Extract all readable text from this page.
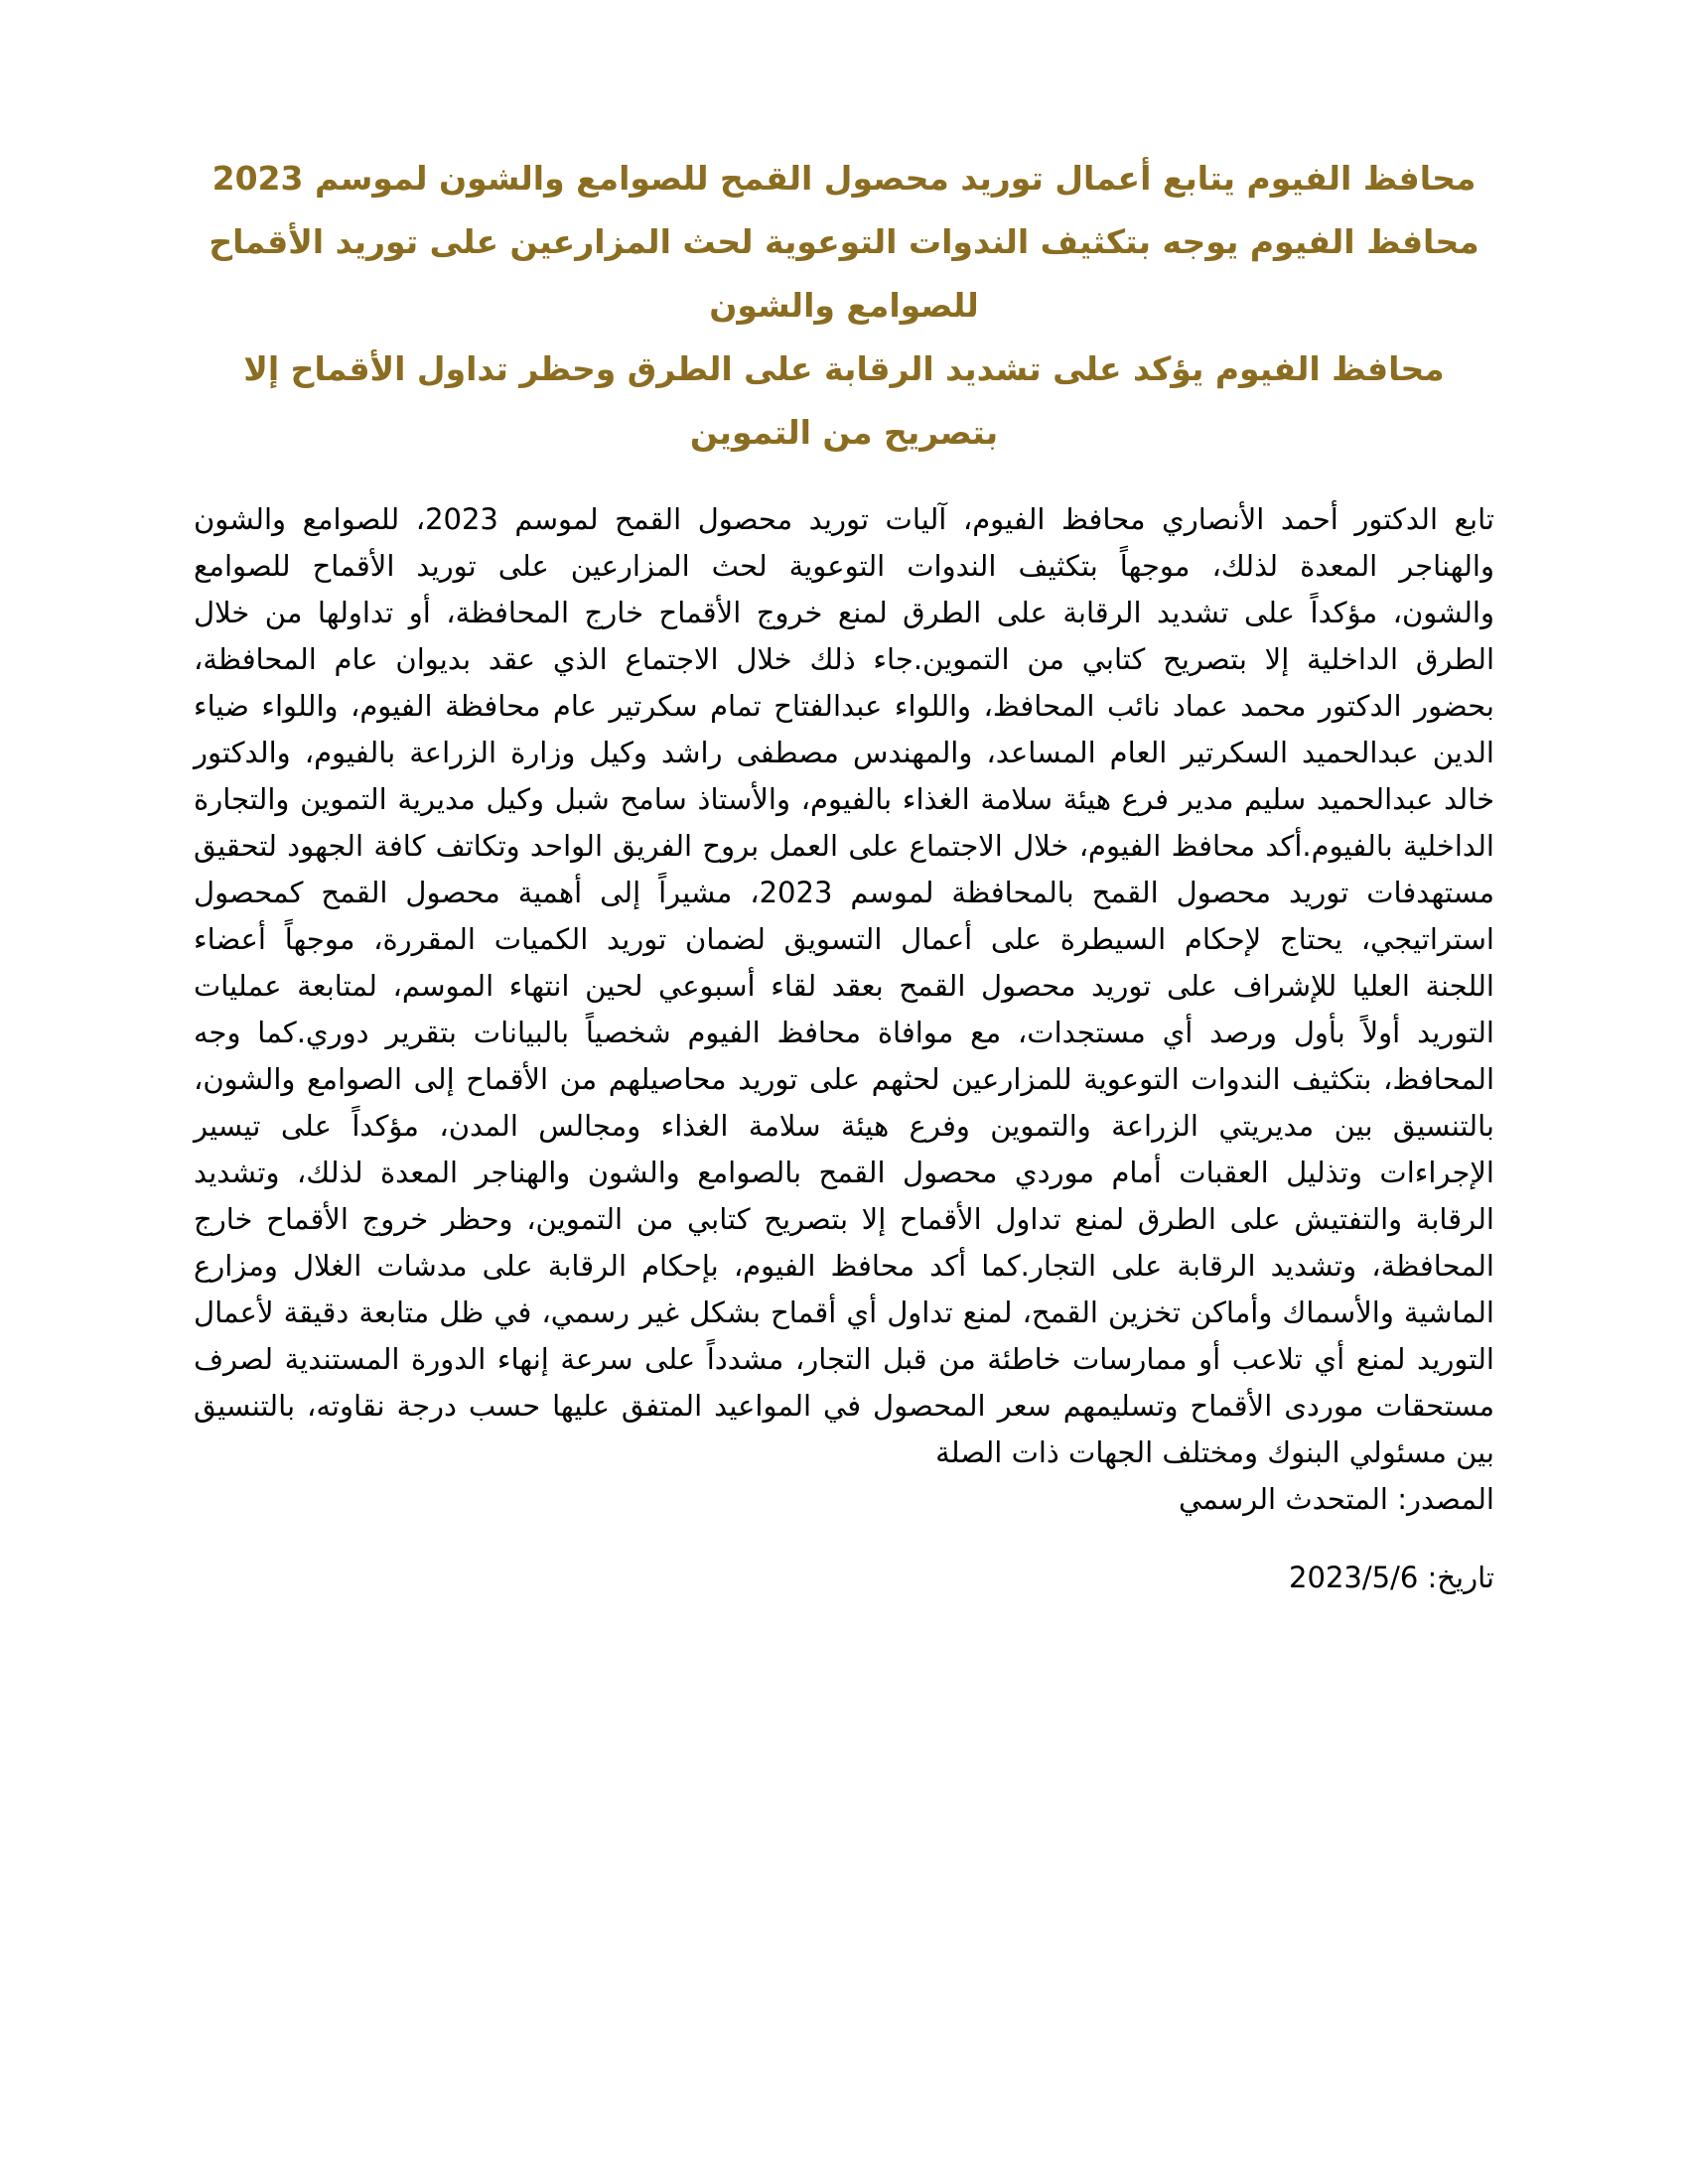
محافظ الفيوم يتابع أعمال توريد محصول القمح للصوامع والشون لموسم 2023
محافظ الفيوم يوجه بتكثيف الندوات التوعوية لحث المزارعين على توريد الأقماح
للصوامع والشون
محافظ الفيوم يؤكد على تشديد الرقابة على الطرق وحظر تداول الأقماح إلا
بتصريح من التموين
تابع الدكتور أحمد الأنصاري محافظ الفيوم، آليات توريد محصول القمح لموسم 2023، للصوامع والشون
والهناجر المعدة لذلك، موجهاً بتكثيف الندوات التوعوية لحث المزارعين على توريد الأقماح للصوامع
والشون، مؤكداً على تشديد الرقابة على الطرق لمنع خروج الأقماح خارج المحافظة، أو تداولها من خلال
الطرق الداخلية إلا بتصريح كتابي من التموين.جاء ذلك خلال الاجتماع الذي عقد بديوان عام المحافظة،
بحضور الدكتور محمد عماد نائب المحافظ، واللواء عبدالفتاح تمام سكرتير عام محافظة الفيوم، واللواء ضياء
الدين عبدالحميد السكرتير العام المساعد، والمهندس مصطفى راشد وكيل وزارة الزراعة بالفيوم، والدكتور
خالد عبدالحميد سليم مدير فرع هيئة سلامة الغذاء بالفيوم، والأستاذ سامح شبل وكيل مديرية التموين والتجارة
الداخلية بالفيوم.أكد محافظ الفيوم، خلال الاجتماع على العمل بروح الفريق الواحد وتكاتف كافة الجهود لتحقيق
مستهدفات توريد محصول القمح بالمحافظة لموسم 2023، مشيراً إلى أهمية محصول القمح كمحصول
استراتيجي، يحتاج لإحكام السيطرة على أعمال التسويق لضمان توريد الكميات المقررة، موجهاً أعضاء
اللجنة العليا للإشراف على توريد محصول القمح بعقد لقاء أسبوعي لحين انتهاء الموسم، لمتابعة عمليات
التوريد أولاً بأول ورصد أي مستجدات، مع موافاة محافظ الفيوم شخصياً بالبيانات بتقرير دوري.كما وجه
المحافظ، بتكثيف الندوات التوعوية للمزارعين لحثهم على توريد محاصيلهم من الأقماح إلى الصوامع والشون،
بالتنسيق بين مديريتي الزراعة والتموين وفرع هيئة سلامة الغذاء ومجالس المدن، مؤكداً على تيسير
الإجراءات وتذليل العقبات أمام موردي محصول القمح بالصوامع والشون والهناجر المعدة لذلك، وتشديد
الرقابة والتفتيش على الطرق لمنع تداول الأقماح إلا بتصريح كتابي من التموين، وحظر خروج الأقماح خارج
المحافظة، وتشديد الرقابة على التجار.كما أكد محافظ الفيوم، بإحكام الرقابة على مدشات الغلال ومزارع
الماشية والأسماك وأماكن تخزين القمح، لمنع تداول أي أقماح بشكل غير رسمي، في ظل متابعة دقيقة لأعمال
التوريد لمنع أي تلاعب أو ممارسات خاطئة من قبل التجار، مشدداً على سرعة إنهاء الدورة المستندية لصرف
مستحقات موردى الأقماح وتسليمهم سعر المحصول في المواعيد المتفق عليها حسب درجة نقاوته، بالتنسيق
بين مسئولي البنوك ومختلف الجهات ذات الصلة
المصدر: المتحدث الرسمي
تاريخ: 2023/5/6
